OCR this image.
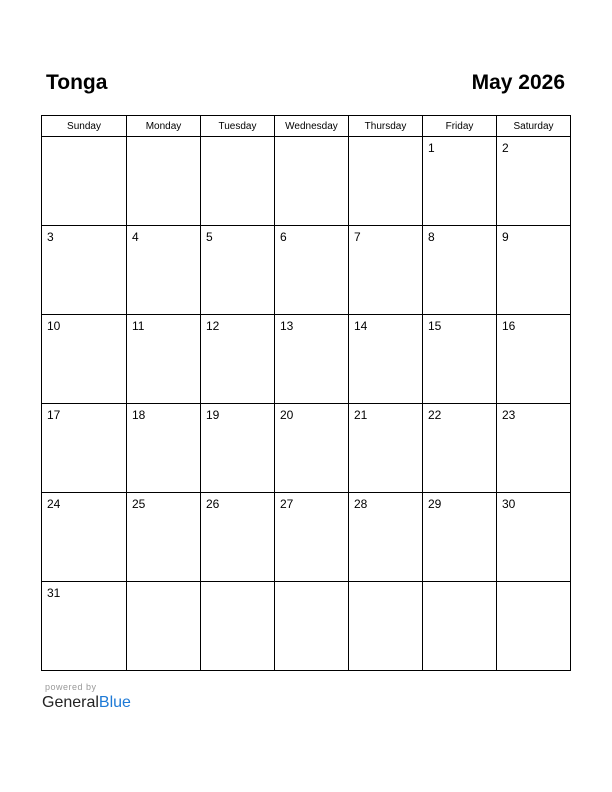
Tonga	May 2026
Sunday	Monday	Tuesday	Wednesday	Thursday	Friday	Saturday

					1	2

3	4	5	6	7	8	9

10	11	12	13	14	15	16

17	18	19	20	21	22	23

24	25	26	27	28	29	30

31						

powered by
GeneralBlue
